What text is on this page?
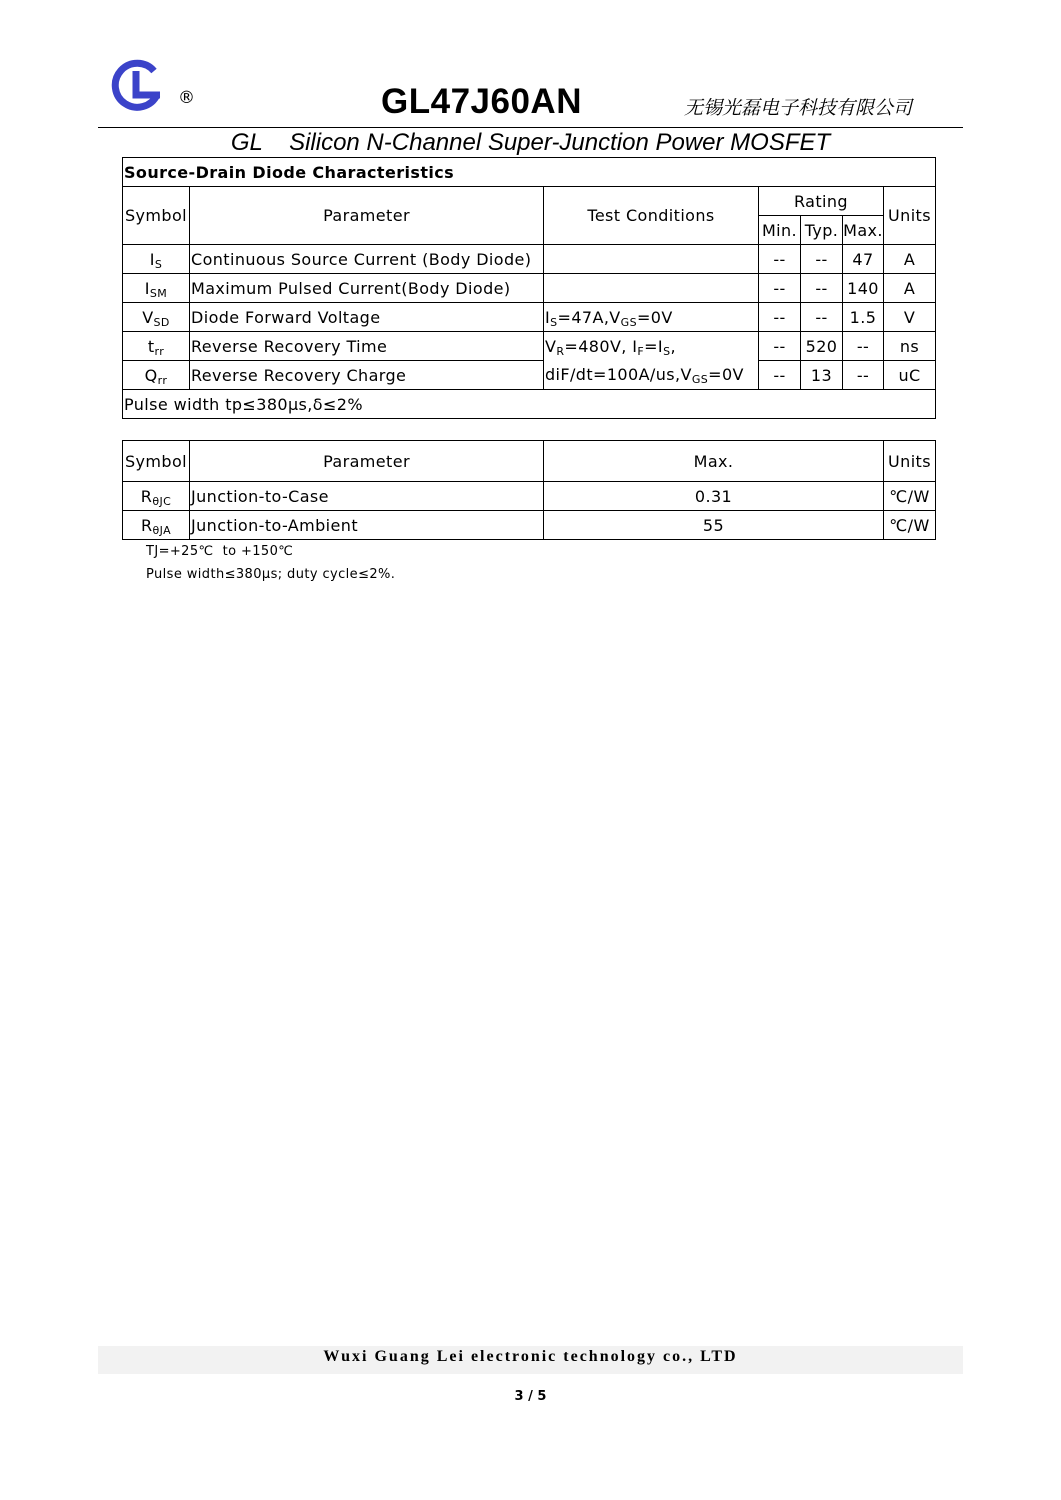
®	GL47J60AN	无锡光磊电子科技有限公司
GL    Silicon N-Channel Super-Junction Power MOSFET
Source-Drain Diode Characteristics						
Symbol	Parameter	Test Conditions	Rating			Units
			Min.	Typ.	Max.	
$I_S$	Continuous Source Current (Body Diode)		--	--	47	A
$I_{SM}$	Maximum Pulsed Current(Body Diode)		--	--	140	A
$V_{SD}$	Diode Forward Voltage	$I_S=47A,V_{GS}=0V$	--	--	1.5	V
$t_{rr}$	Reverse Recovery Time	$V_R=480V$, $I_F=I_S$,	--	520	--	ns
$Q_{rr}$	Reverse Recovery Charge	diF/$dt=100A/us,V_{GS}=0V$	--	13	--	uC
Pulse width tp≤380μs,δ≤2%						
Symbol	Parameter	Max.	Units
$R_{\theta JC}$	Junction-to-Case	0.31	℃/W
$R_{\theta JA}$	Junction-to-Ambient	55	℃/W
TJ=+25℃  to +150℃
Pulse width≤380μs; duty cycle≤2%.
Wuxi Guang Lei electronic technology co., LTD
3 / 5
